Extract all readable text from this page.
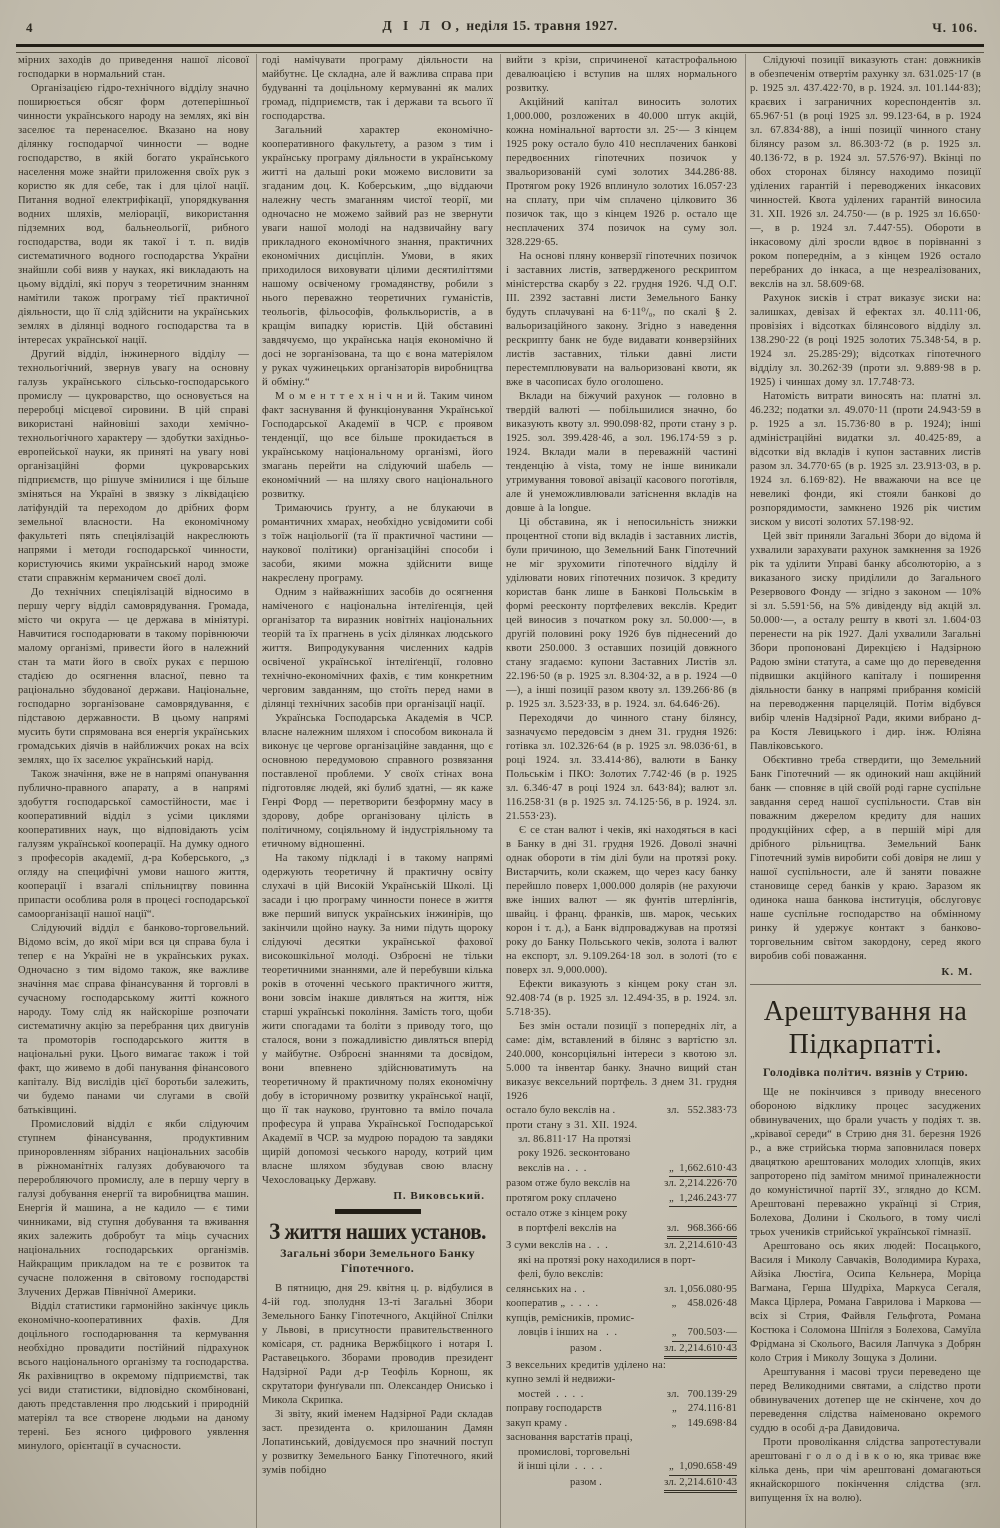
4	Д І Л О, неділя 15. травня 1927.	Ч. 106.

мірних заходів до приведення нашої лісової господарки в нормальний стан.

Організацією гідро-технічного відділу значно поширюється обсяг форм дотеперішньої чинности українського народу на землях, які він заселює та перенаселює. Вказано на нову ділянку господарчої чинности — водне господарство, в якій богато українського населення може знайти приложення своїх рук з користю як для себе, так і для цілої нації. Питання водної електрифікації, упорядкування водних шляхів, меліорації, використання підземних вод, бальнеольогії, рибного господарства, води як такої і т. п. видів систематичного водного господарства України знайшли собі вияв у науках, які викладають на цьому відділі, які поруч з теоретичним знанням намітили також програму тієї практичної діяльности, що її слід здійснити на українських землях в ділянці водного господарства та в інтересах української нації.

Другий відділ, інжинерного відділу — технольогічний, звернув увагу на основну галузь українського сільсько-господарського промислу — цукроварство, що основується на переробці місцевої сировини. В цій справі використані найновіші заходи хемічно-технольогічного характеру — здобутки західньо-европейської науки, як приняті на увагу нові організаційні форми цукроварських підприємств, що рішуче змінилися і ще більше зміняться на Україні в звязку з ліквідацією латіфундій та переходом до дрібних форм земельної власности. На економічному факультеті пять спеціялізацій накреслюють напрями і методи господарської чинности, користуючись якими український народ зможе стати справжнім керманичем своєї долі.

До технічних спеціялізацій відносимо в першу чергу відділ самоврядування. Громада, місто чи округа — це держава в мініятурі. Навчитися господарювати в такому порівнюючи малому організмі, привести його в належний стан та мати його в своїх руках є першою стадією до осягнення власної, певно та раціонально збудованої держави. Національне, господарно зорганізоване самоврядування, є підставою державности. В цьому напрямі мусить бути спрямована вся енергія українських громадських діячів в найближчих роках на всіх землях, що їх заселює український нарід.

Також значіння, вже не в напрямі опанування публично-правного апарату, а в напрямі здобуття господарської самостійности, має і кооперативний відділ з усіми циклями кооперативних наук, що відповідають усім галузям української кооперації. На думку одного з професорів академії, д-ра Коберського, „з огляду на специфічні умови нашого життя, кооперації і взагалі спільництву повинна припасти особлива роля в процесі господарської самоорганізації нашої нації“.

Слідуючий відділ є банково-торговельний. Відомо всім, до якої міри вся ця справа була і тепер є на Україні не в українських руках. Одночасно з тим відомо також, яке важливе значіння має справа фінансування й торговлі в сучасному господарському житті кожного народу. Тому слід як найскоріше розпочати систематичну акцію за перебрання цих двигунів та промоторів господарського життя в національні руки. Цього вимагає також і той факт, що живемо в добі панування фінансового капіталу. Від вислідів цієї боротьби залежить, чи будемо панами чи слугами в своїй батьківщині.

Промисловий відділ є якби слідуючим ступнем фінансування, продуктивним приноровленням зібраних національних засобів в ріжноманітніх галузях добуваючого та переробляючого промислу, але в першу чергу в галузі добування енергії та виробництва машин. Енергія й машина, а не кадило — є тими чинниками, від ступня добування та вживання яких залежить добробут та міць сучасних національних господарських організмів. Найкращим прикладом на те є розвиток та сучасне положення в світовому господарстві Злучених Держав Північної Америки.

Відділ статистики гармонійно закінчує цикль економічно-кооперативних фахів. Для доцільного господарювання та кермування необхідно провадити постійний підрахунок всього національного організму та господарства. Як рахівництво в окремому підприємстві, так усі види статистики, відповідно скомбіновані, дають представлення про людський і природній матеріял та все створене людьми на даному терені. Без ясного цифрового уявлення минулого, орієнтації в сучасности.

годі намічувати програму діяльности на майбутнє. Це складна, але й важлива справа при будуванні та доцільному кермуванні як малих громад, підприємств, так і держави та всього її господарства.

Загальний характер економічно-кооперативного факультету, а разом з тим і українську програму діяльности в українському житті на дальші роки можемо висловити за згаданим доц. К. Коберським, „що віддаючи належну честь змаганням чистої теорії, ми одночасно не можемо зайвий раз не звернути уваги нашої молоді на надзвичайну вагу прикладного економічного знання, практичних економічних дисціплін. Умови, в яких приходилося виховувати цілими десятиліттями нашому освіченому громадянству, робили з нього переважно теоретичних гуманістів, теольогів, фільософів, фолькльористів, а в кращім випадку юристів. Цій обставині завдячуємо, що українська нація економічно й досі не зорганізована, та що є вона матеріялом у руках чужинецьких організаторів виробництва й обміну.“

М о м е н т т е х н і ч н и й. Таким чином факт заснування й функціонування Української Господарської Академії в ЧСР. є проявом тенденції, що все більше прокидається в українському національному організмі, його змагань перейти на слідуючий шабель — економічний — на шляху свого національного розвитку.

Тримаючись ґрунту, а не блукаючи в романтичних хмарах, необхідно усвідомити собі з тоїж націольогії (та її практичної частини — наукової політики) організаційні способи і засоби, якими можна здійснити вище накреслену програму.

Одним з найважніших засобів до осягнення наміченого є національна інтеліґенція, цей організатор та виразник новітніх національних теорій та їх прагнень в усіх ділянках людського життя. Випродукування численних кадрів освіченої української інтеліґенції, головно технічно-економічних фахів, є тим конкретним черговим завданням, що стоїть перед нами в ділянці технічних засобів при організації нації.

Українська Господарська Академія в ЧСР. власне належним шляхом і способом виконала й виконує це чергове організаційне завдання, що є основною передумовою справного розвязання поставленої проблеми. У своїх стінах вона підготовляє людей, які булиб здатні, — як каже Генрі Форд — перетворити безформну масу в здорову, добре організовану цілість в політичному, соціяльному й індустріяльному та етичному відношенні.

На такому підкладі і в такому напрямі одержують теоретичну й практичну освіту слухачі в цій Високій Українській Школі. Ці засади і цю програму чинности понесе в життя вже перший випуск українських інжинірів, що закінчили щойно науку. За ними підуть щороку слідуючі десятки української фахової високошкільної молоді. Озброєні не тільки теоретичними знаннями, але й перебувши кілька років в оточенні чеського практичного життя, вони зовсім інакше дивляться на життя, ніж старші українські покоління. Замість того, щоби жити спогадами та боліти з приводу того, що сталося, вони з пожадливістю дивляться вперід у майбутнє. Озброєні знаннями та досвідом, вони впевнено здійснюватимуть на теоретичному й практичному полях економічну добу в історичному розвитку української нації, що її так науково, ґрунтовно та вміло почала професура й управа Української Господарської Академії в ЧСР. за мудрою порадою та завдяки щирій допомозі чеського народу, котрий цим власне шляхом збудував свою власну Чехословацьку Державу.

П. Виковський.

З життя наших установ.
Загальні збори Земельного Банку Гіпотечного.

В пятницю, дня 29. квітня ц. р. відбулися в 4-ій год. зполудня 13-ті Загальні Збори Земельного Банку Гіпотечного, Акційної Спілки у Львові, в присутности правительственного комісаря, ст. радника Вержбіцкого і нотаря І. Раставецького. Зборами проводив президент Надзірної Ради д-р Теофіль Корнош, як скрутатори фунґували пп. Олександер Онисько і Микола Скрипка.

Зі звіту, який іменем Надзірної Ради складав заст. президента о. крилошанин Дамян Лопатинський, довідуємося про значний поступ у розвитку Земельного Банку Гіпотечного, який зумів побідно

вийти з крізи, спричиненої катастрофальною девалюацією і вступив на шлях нормального розвитку.

Акційний капітал виносить золотих 1,000.000, розложених в 40.000 штук акцій, кожна номінальної вартости зл. 25·— З кінцем 1925 року остало було 410 несплачених банкові передвоєнних гіпотечних позичок у звальоризованій сумі золотих 344.286·88. Протягом року 1926 вплинуло золотих 16.057·23 на сплату, при чім сплачено цілковито 36 позичок так, що з кінцем 1926 р. остало ще несплачених 374 позичок на суму зол. 328.229·65.

На основі пляну конверзії гіпотечних позичок і заставних листів, затвердженого рескриптом міністерства скарбу з 22. грудня 1926. Ч.Д О.Г. ІІІ. 2392 заставні листи Земельного Банку будуть сплачувані на 6·11⁰/₀, по скалі § 2. вальоризаційного закону. Згідно з наведення рескрипту банк не буде видавати конверзійних листів заставних, тільки давні листи перестемплювувати на вальоризовані квоти, як вже в часописах було оголошено.

Вклади на біжучий рахунок — головно в твердій валюті — побільшилися значно, бо виказують квоту зл. 990.098·82, проти стану з р. 1925. зол. 399.428·46, а зол. 196.174·59 з р. 1924. Вклади мали в переважній частині тенденцію à vista, тому не інше виникали утримування товової авізації касового поготівля, але й унеможливлювали затіснення вкладів на довше à la longue.

Ці обставина, як і непосильність знижки процентної стопи від вкладів і заставних листів, були причиною, що Земельний Банк Гіпотечний не міг зрухомити гіпотечного відділу й уділювати нових гіпотечних позичок. З кредиту користав банк лише в Банкові Польськім в формі реесконту портфелевих векслів. Кредит цей виносив з початком року зл. 50.000·—, в другій половині року 1926 був піднесений до квоти 250.000. З оставших позицій довжного стану згадаємо: купони Заставних Листів зл. 22.196·50 (в р. 1925 зл. 8.304·32, а в р. 1924 —0—), а інші позиції разом квоту зл. 139.266·86 (в р. 1925 зл. 3.523·33, в р. 1924. зл. 64.646·26).

Переходячи до чинного стану білянсу, зазначуємо передовсім з днем 31. грудня 1926: готівка зл. 102.326·64 (в р. 1925 зл. 98.036·61, в році 1924. зл. 33.414·86), валюти в Банку Польськім і ПКО: Золотих 7.742·46 (в р. 1925 зл. 6.346·47 в році 1924 зл. 643·84); валют зл. 116.258·31 (в р. 1925 зл. 74.125·56, в р. 1924. зл. 21.553·23).

Є се стан валют і чеків, які находяться в касі в Банку в дні 31. грудня 1926. Доволі значні однак обороти в тім ділі були на протязі року. Вистарчить, коли скажем, що через касу банку перейшло поверх 1,000.000 долярів (не рахуючи вже інших валют — як фунтів штерлінгів, швайц. і франц. франків, шв. марок, чеських корон і т. д.), а Банк відпроваджував на протязі року до Банку Польського чеків, золота і валют на експорт, зл. 9.109.264·18 зол. в золоті (то є поверх зл. 9,000.000).

Ефекти виказують з кінцем року стан зл. 92.408·74 (в р. 1925 зл. 12.494·35, в р. 1924. зл. 5.718·35).

Без змін остали позиції з попередніх літ, а саме: дім, вставлений в білянс з вартістю зл. 240.000, консорціяльні інтереси з квотою зл. 5.000 та інвентар банку. Значно вищий стан виказує вексельний портфель. З днем 31. грудня 1926

остало було векслів на .	зл.   552.383·73

проти стану з 31. XII. 1924.

зл. 86.811·17  На протязі
року 1926. зесконтовано
векслів на .  .  .	„  1,662.610·43
разом отже було векслів на	зл. 2,214.226·70
протягом року сплачено	„  1,246.243·77
остало отже з кінцем року
в портфелі векслів на	зл.   968.366·66
З суми векслів на .  .  .	зл. 2,214.610·43
які на протязі року находилися в порт-
фелі, було векслів:
селянських на .  .	зл. 1,056.080·95
кооператив „  .  .  .  .	„    458.026·48
купців, ремісників, промис-
ловців і інших на   .  .	„    700.503·—
разом .	зл. 2,214.610·43

З вексельних кредитів уділено на:

купно землі й недвижи-
мостей  .  .  .  .	зл.   700.139·29
поправу господарств	„    274.116·81
закуп краму .	„    149.698·84
засновання варстатів праці,
промислові, торговельні
й інші ціли  .  .  .  .	„  1,090.658·49
разом .	зл. 2,214.610·43

Слідуючі позиції виказують стан: довжників в обезпеченім отвертім рахунку зл. 631.025·17 (в р. 1925 зл. 437.422·70, в р. 1924. зл. 101.144·83); краєвих і заграничних кореспондентів зл. 65.967·51 (в році 1925 зл. 99.123·64, в р. 1924 зл. 67.834·88), а інші позиції чинного стану білянсу разом зл. 86.303·72 (в р. 1925 зл. 40.136·72, в р. 1924 зл. 57.576·97). Вкінці по обох сторонах білянсу находимо позиції уділених гарантій і переводжених інкасових чинностей. Квота уділених гарантій виносила 31. XII. 1926 зл. 24.750·— (в р. 1925 зл 16.650·—, в р. 1924 зл. 7.447·55). Обороти в інкасовому ділі зросли вдвоє в порівнанні з роком попереднім, а з кінцем 1926 остало перебраних до інкаса, а ще незреалізованих, векслів на зл. 58.609·68.

Рахунок зисків і страт виказує зиски на: залишках, девізах й ефектах зл. 40.111·06, провізіях і відсотках білянсового відділу зл. 138.290·22 (в році 1925 золотих 75.348·54, в р. 1924 зл. 25.285·29); відсотках гіпотечного відділу зл. 30.262·39 (проти зл. 9.889·98 в р. 1925) і чиншах дому зл. 17.748·73.

Натомість витрати виносять на: платні зл. 46.232; податки зл. 49.070·11 (проти 24.943·59 в р. 1925 а зл. 15.736·80 в р. 1924); інші адміністраційні видатки зл. 40.425·89, а відсотки від вкладів і купон заставних листів разом зл. 34.770·65 (в р. 1925 зл. 23.913·03, в р. 1924 зл. 6.169·82). Не вважаючи на все це невеликі фонди, які стояли банкові до розпорядимости, замкнено 1926 рік чистим зиском у висоті золотих 57.198·92.

Цей звіт приняли Загальні Збори до відома й ухвалили зарахувати рахунок замкнення за 1926 рік та уділити Управі банку абсолюторію, а з виказаного зиску приділили до Загального Резервового Фонду — згідно з законом — 10% зі зл. 5.591·56, на 5% дивіденду від акцій зл. 50.000·—, а осталу решту в квоті зл. 1.604·03 перенести на рік 1927. Далі ухвалили Загальні Збори пропоновані Дирекцією і Надзірною Радою зміни статута, а саме що до переведення підвишки акційного капіталу і поширення діяльности банку в напрямі прибрання комісій на переводження парцеляцій. Потім відбувся вибір членів Надзірної Ради, якими вибрано д-ра Костя Левицького і дир. інж. Юліяна Павліковського.

Обєктивно треба ствердити, що Земельний Банк Гіпотечний — як одинокий наш акційний банк — сповняє в цій своїй роді гарне суспільне завдання серед нашої суспільности. Став він поважним джерелом кредиту для наших продукційних сфер, а в першій мірі для дрібного рільництва. Земельний Банк Гіпотечний зумів виробити собі довіря не лиш у нашої суспільности, але й заняти поважне становище серед банків у краю. Заразом як одинока наша банкова інституція, обслуговує наше суспільне господарство на обмінному ринку й удержує контакт з банково-торговельним світом закордону, серед якого виробив собі поважання.

К. М.

Арештування на Підкарпатті.
Голодівка політич. вязнів у Стрию.

Ще не покінчився з приводу внесеного обороною відклику процес засуджених обвинувачених, що брали участь у подіях т. зв. „крівавої середи“ в Стрию дня 31. березня 1926 р., а вже стрийська тюрма заповнилася поверх двацяткою арештованих молодих хлопців, яких запроторено під замітом мнимої приналежности до комуністичної партії ЗУ., зглядно до КСМ. Арештовані переважно українці зі Стрия, Болехова, Долини і Сколього, в тому числі трьох учеників стрийської української гімназії.

Арештовано ось яких людей: Посацького, Василя і Миколу Савчаків, Володимира Кураха, Айзіка Люстіга, Осипа Кельнера, Моріца Вагмана, Герша Шудріха, Маркуса Сегаля, Макса Цірлера, Романа Гаврилова і Маркова — всіх зі Стрия, Файвля Гельфгота, Романа Костюка і Соломона Шпіґля з Болехова, Самуїла Фрідмана зі Сколього, Василя Лапчука з Добрян коло Стрия і Миколу Зощука з Долини.

Арештування і масові труси переведено ще перед Великодними святами, а слідство проти обвинувачених дотепер ще не скінчене, хоч до переведення слідства наіменовано окремого суддю в особі д-ра Давидовича.

Проти проволікання слідства запротестували арештовані г о л о д і в к о ю, яка триває вже кілька день, при чім арештовані домагаються якнайскоршого покінчення слідства (згл. випущення їх на волю).
